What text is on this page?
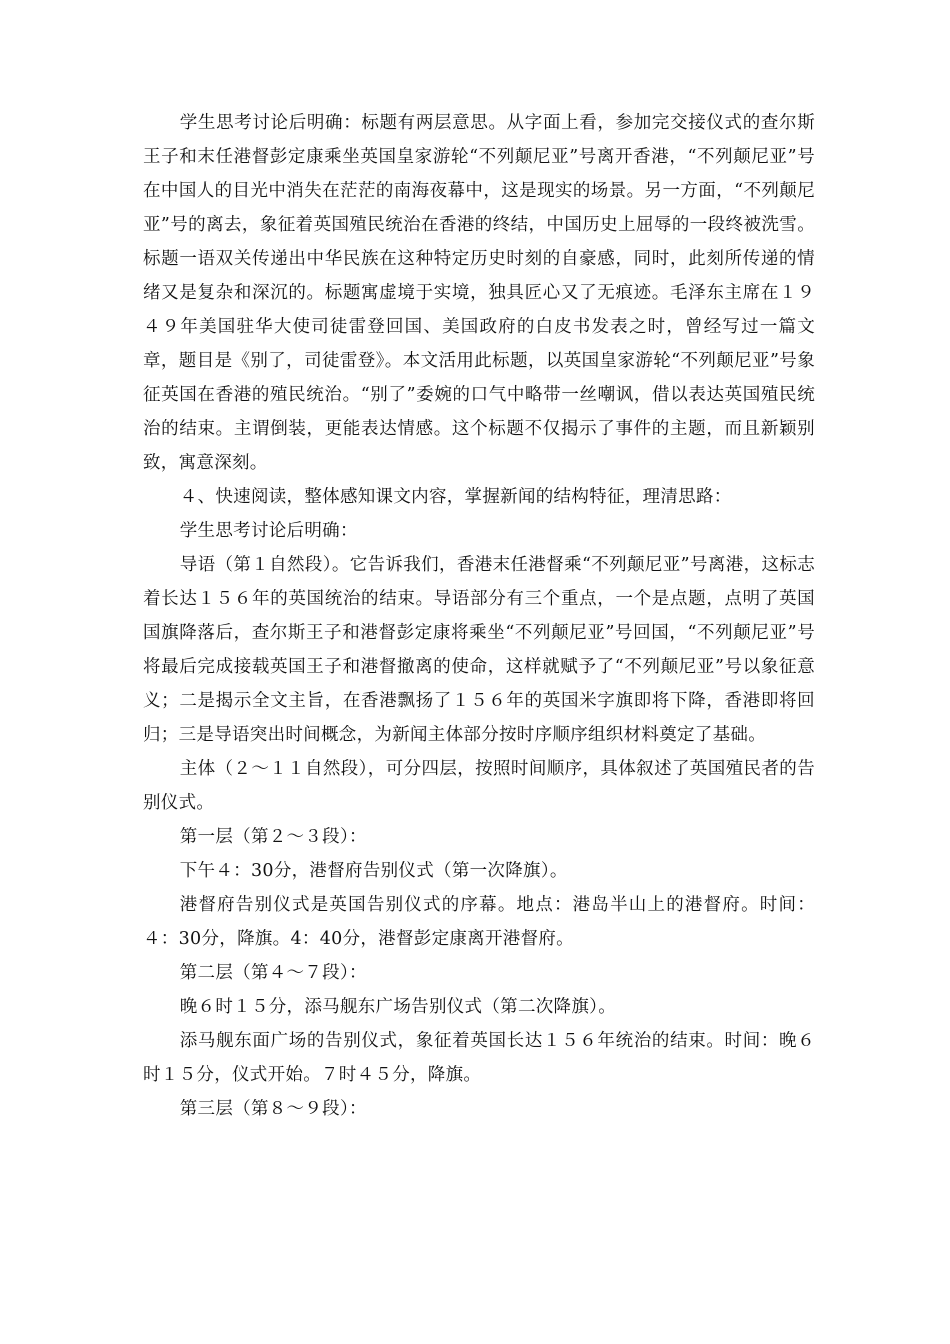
学生思考讨论后明确：标题有两层意思。从字面上看，参加完交接仪式的查尔斯王子和末任港督彭定康乘坐英国皇家游轮“不列颠尼亚”号离开香港，“不列颠尼亚”号在中国人的目光中消失在茫茫的南海夜幕中，这是现实的场景。另一方面，“不列颠尼亚”号的离去，象征着英国殖民统治在香港的终结，中国历史上屈辱的一段终被洗雪。标题一语双关传递出中华民族在这种特定历史时刻的自豪感，同时，此刻所传递的情绪又是复杂和深沉的。标题寓虚境于实境，独具匠心又了无痕迹。毛泽东主席在１９４９年美国驻华大使司徒雷登回国、美国政府的白皮书发表之时，曾经写过一篇文章，题目是《别了，司徒雷登》。本文活用此标题，以英国皇家游轮“不列颠尼亚”号象征英国在香港的殖民统治。“别了”委婉的口气中略带一丝嘲讽，借以表达英国殖民统治的结束。主谓倒装，更能表达情感。这个标题不仅揭示了事件的主题，而且新颖别致，寓意深刻。

４、快速阅读，整体感知课文内容，掌握新闻的结构特征，理清思路：

学生思考讨论后明确：

导语（第１自然段）。它告诉我们，香港末任港督乘“不列颠尼亚”号离港，这标志着长达１５６年的英国统治的结束。导语部分有三个重点，一个是点题，点明了英国国旗降落后，查尔斯王子和港督彭定康将乘坐“不列颠尼亚”号回国，“不列颠尼亚”号将最后完成接载英国王子和港督撤离的使命，这样就赋予了“不列颠尼亚”号以象征意义；二是揭示全文主旨，在香港飘扬了１５６年的英国米字旗即将下降，香港即将回归；三是导语突出时间概念，为新闻主体部分按时序顺序组织材料奠定了基础。

主体（２～１１自然段），可分四层，按照时间顺序，具体叙述了英国殖民者的告别仪式。

第一层（第２～３段）：

下午４：30分，港督府告别仪式（第一次降旗）。

港督府告别仪式是英国告别仪式的序幕。地点：港岛半山上的港督府。时间：４：30分，降旗。4：40分，港督彭定康离开港督府。

第二层（第４～７段）：

晚６时１５分，添马舰东广场告别仪式（第二次降旗）。

添马舰东面广场的告别仪式，象征着英国长达１５６年统治的结束。时间：晚６时１５分，仪式开始。７时４５分，降旗。

第三层（第８～９段）：
